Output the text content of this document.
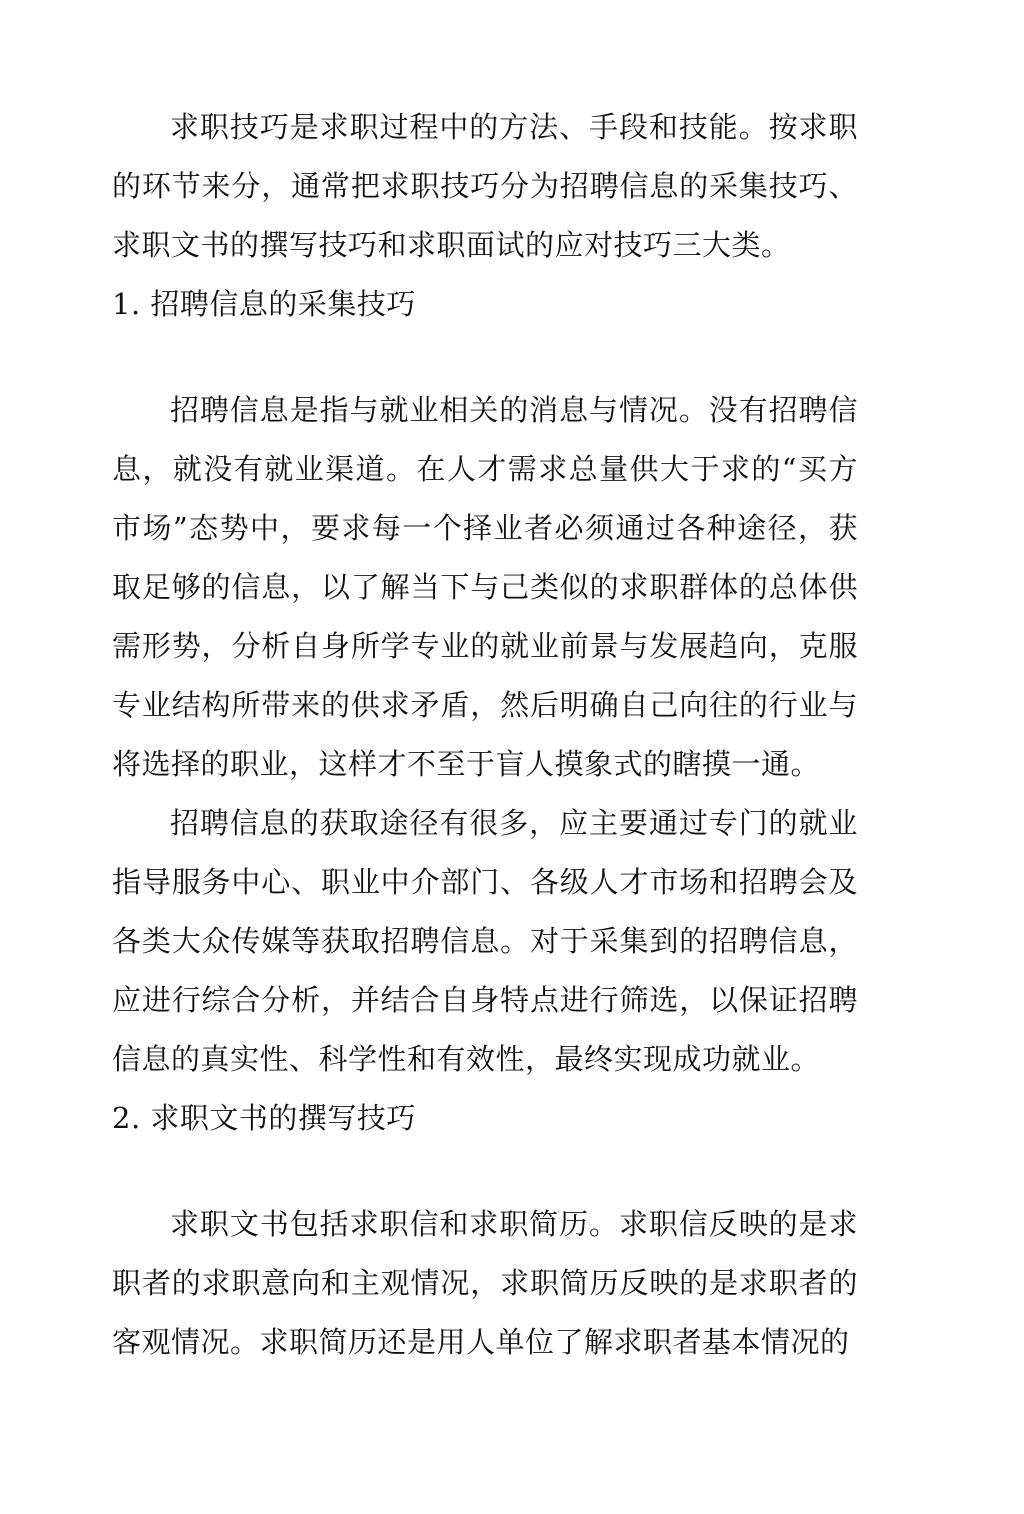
求职技巧是求职过程中的方法、手段和技能。按求职的环节来分，通常把求职技巧分为招聘信息的采集技巧、求职文书的撰写技巧和求职面试的应对技巧三大类。

1. 招聘信息的采集技巧

招聘信息是指与就业相关的消息与情况。没有招聘信息，就没有就业渠道。在人才需求总量供大于求的“买方市场”态势中，要求每一个择业者必须通过各种途径，获取足够的信息，以了解当下与己类似的求职群体的总体供需形势，分析自身所学专业的就业前景与发展趋向，克服专业结构所带来的供求矛盾，然后明确自己向往的行业与将选择的职业，这样才不至于盲人摸象式的瞎摸一通。

招聘信息的获取途径有很多，应主要通过专门的就业指导服务中心、职业中介部门、各级人才市场和招聘会及各类大众传媒等获取招聘信息。对于采集到的招聘信息，应进行综合分析，并结合自身特点进行筛选，以保证招聘信息的真实性、科学性和有效性，最终实现成功就业。

2. 求职文书的撰写技巧

求职文书包括求职信和求职简历。求职信反映的是求职者的求职意向和主观情况，求职简历反映的是求职者的客观情况。求职简历还是用人单位了解求职者基本情况的
